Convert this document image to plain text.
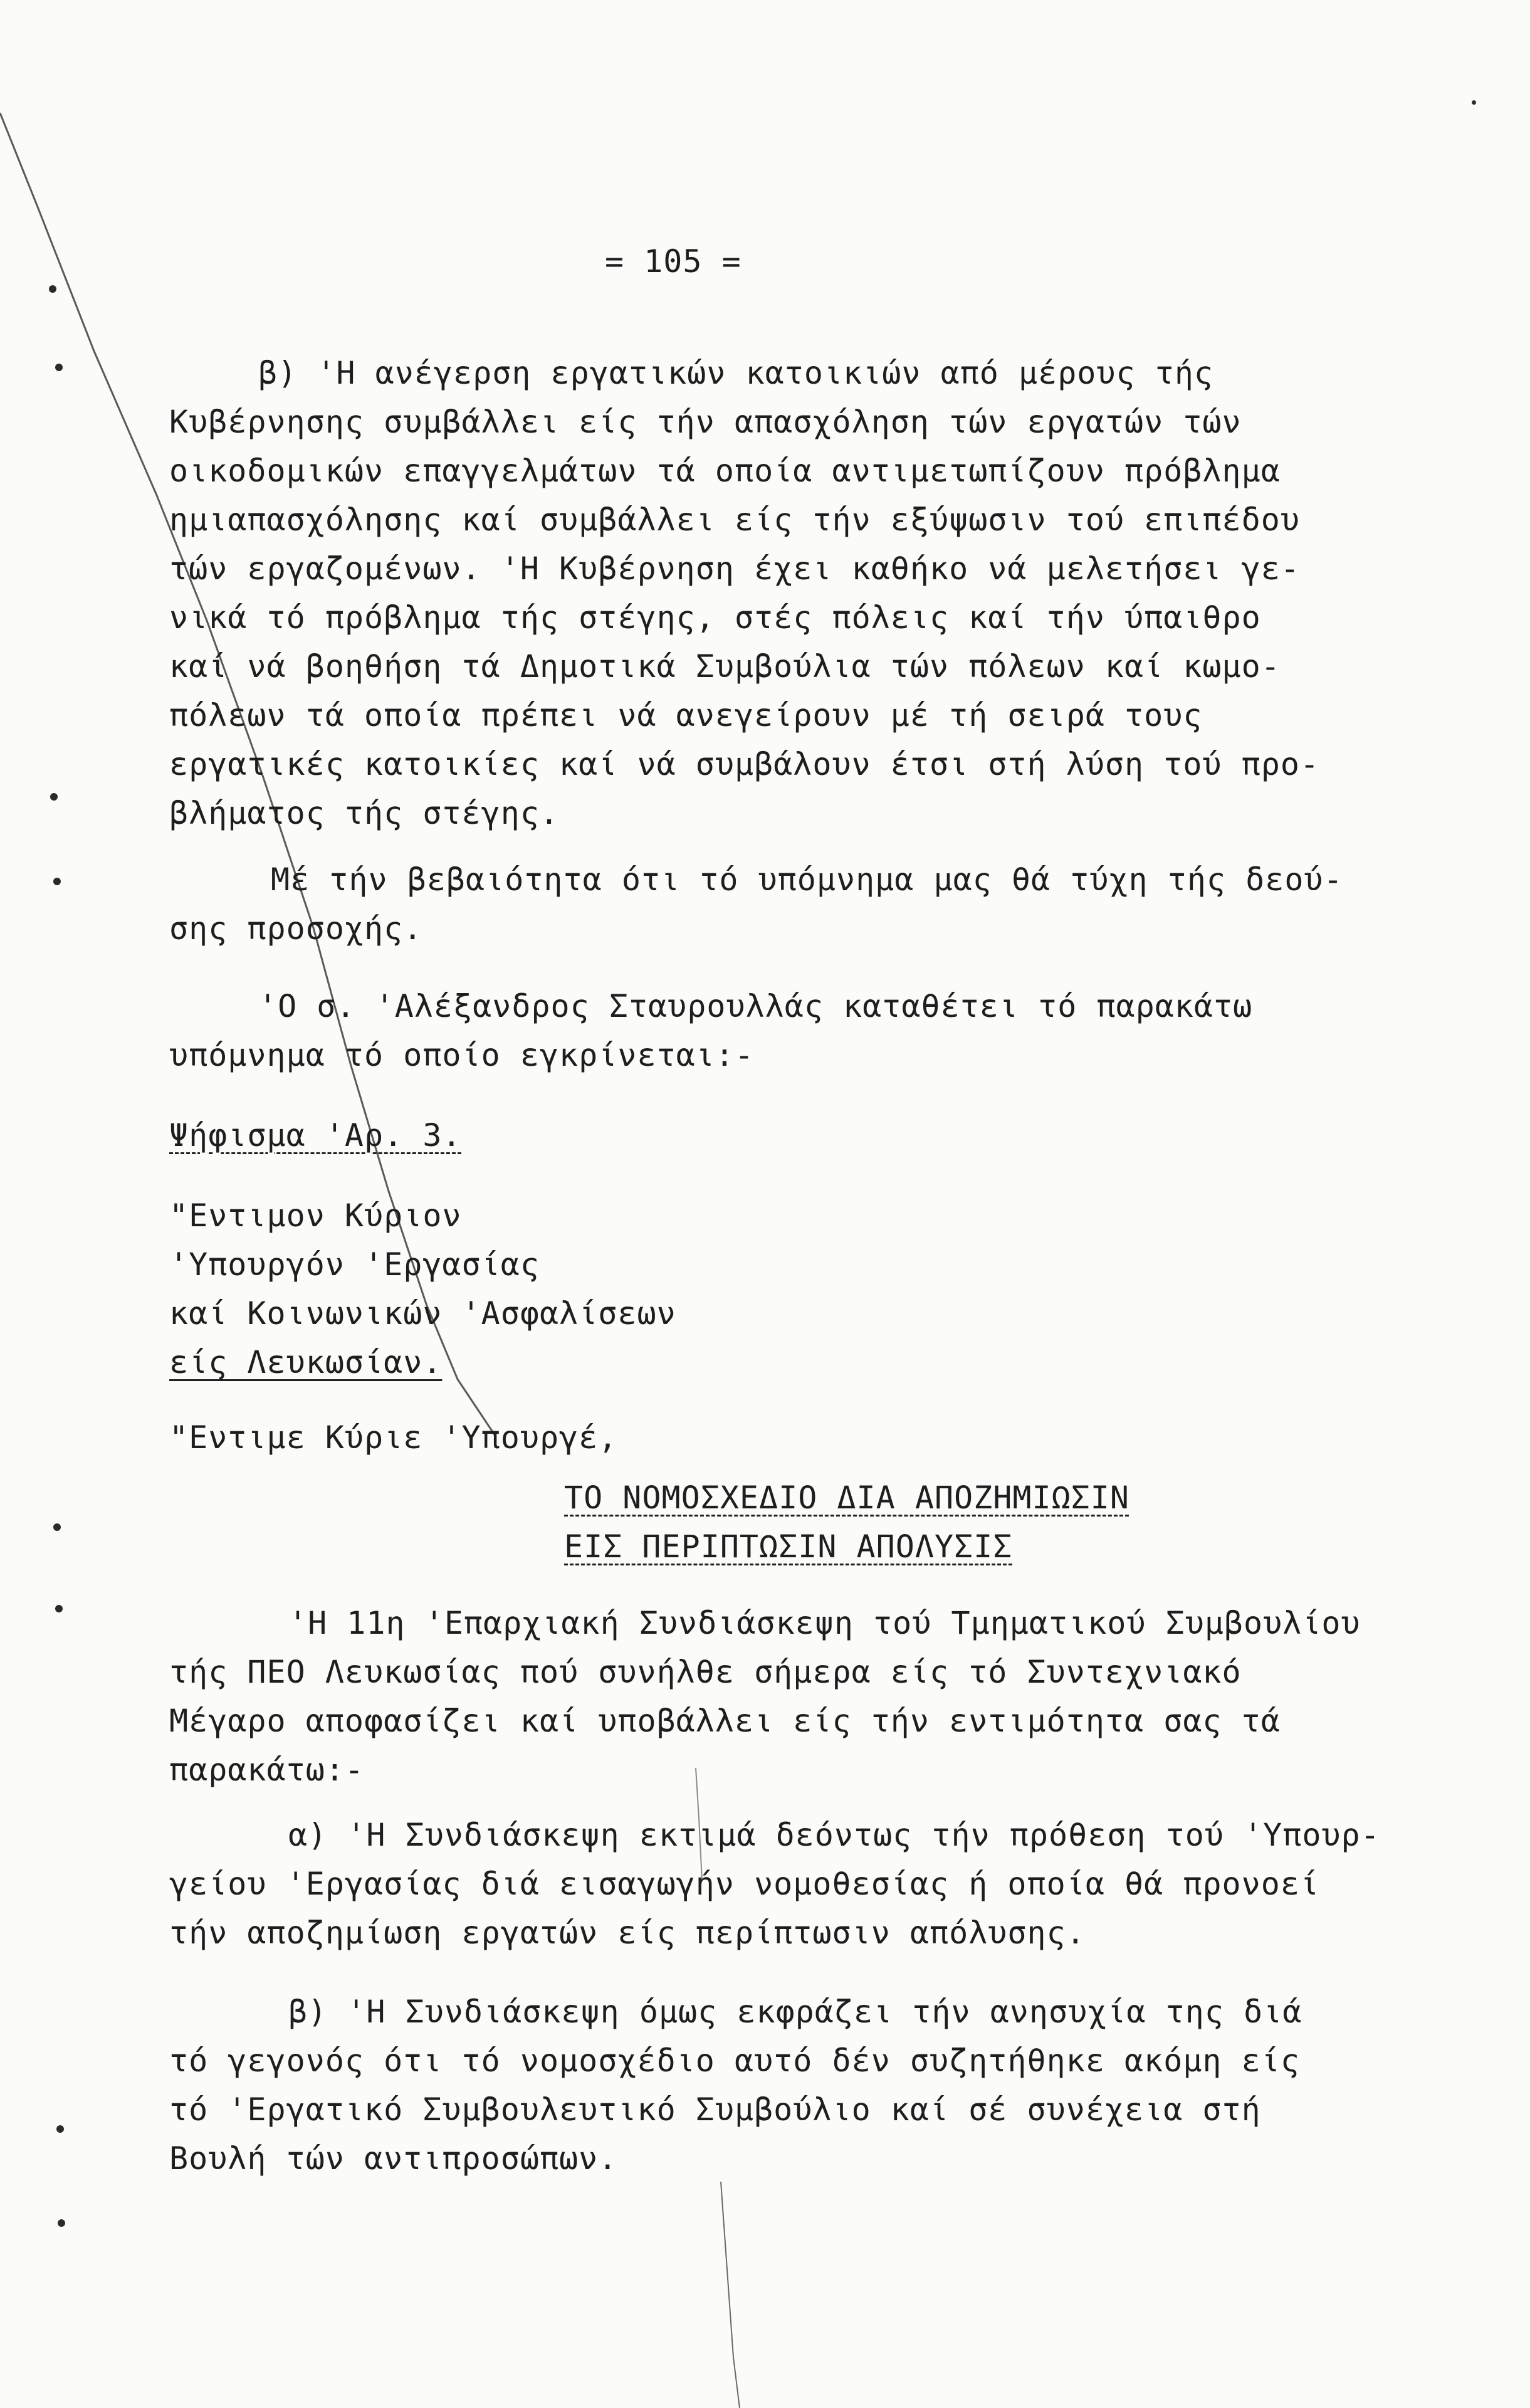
= 105 =
β) 'Η ανέγερση εργατικών κατοικιών από μέρους τής
Κυβέρνησης συμβάλλει είς τήν απασχόληση τών εργατών τών
οικοδομικών επαγγελμάτων τά οποία αντιμετωπίζουν πρόβλημα
ημιαπασχόλησης καί συμβάλλει είς τήν εξύψωσιν τού επιπέδου
τών εργαζομένων. 'Η Κυβέρνηση έχει καθήκο νά μελετήσει γε-
νικά τό πρόβλημα τής στέγης, στές πόλεις καί τήν ύπαιθρο
καί νά βοηθήση τά Δημοτικά Συμβούλια τών πόλεων καί κωμο-
πόλεων τά οποία πρέπει νά ανεγείρουν μέ τή σειρά τους
εργατικές κατοικίες καί νά συμβάλουν έτσι στή λύση τού προ-
βλήματος τής στέγης.
Μέ τήν βεβαιότητα ότι τό υπόμνημα μας θά τύχη τής δεού-
σης προσοχής.
'Ο σ. 'Αλέξανδρος Σταυρουλλάς καταθέτει τό παρακάτω
υπόμνημα τό οποίο εγκρίνεται:-
Ψήφισμα 'Αρ. 3.
"Εντιμον Κύριον
'Υπουργόν 'Εργασίας
καί Κοινωνικών 'Ασφαλίσεων
είς Λευκωσίαν.
"Εντιμε Κύριε 'Υπουργέ,
ΤΟ ΝΟΜΟΣΧΕΔΙΟ ΔΙΑ ΑΠΟΖΗΜΙΩΣΙΝ
ΕΙΣ ΠΕΡΙΠΤΩΣΙΝ ΑΠΟΛΥΣΙΣ
'Η 11η 'Επαρχιακή Συνδιάσκεψη τού Τμηματικού Συμβουλίου
τής ΠΕΟ Λευκωσίας πού συνήλθε σήμερα είς τό Συντεχνιακό
Μέγαρο αποφασίζει καί υποβάλλει είς τήν εντιμότητα σας τά
παρακάτω:-
α) 'Η Συνδιάσκεψη εκτιμά δεόντως τήν πρόθεση τού 'Υπουρ-
γείου 'Εργασίας διά εισαγωγήν νομοθεσίας ή οποία θά προνοεί
τήν αποζημίωση εργατών είς περίπτωσιν απόλυσης.
β) 'Η Συνδιάσκεψη όμως εκφράζει τήν ανησυχία της διά
τό γεγονός ότι τό νομοσχέδιο αυτό δέν συζητήθηκε ακόμη είς
τό 'Εργατικό Συμβουλευτικό Συμβούλιο καί σέ συνέχεια στή
Βουλή τών αντιπροσώπων.
